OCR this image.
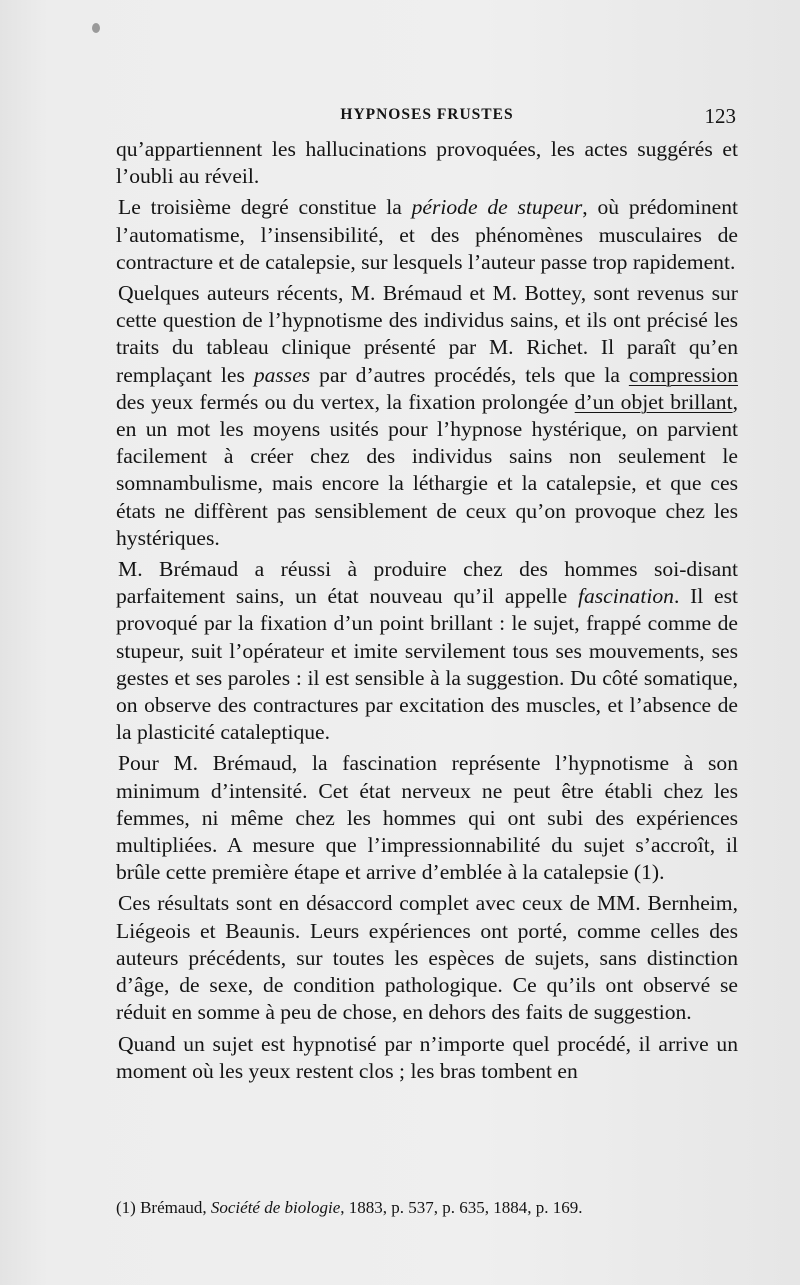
HYPNOSES FRUSTES	123

qu’appartiennent les hallucinations provoquées, les actes suggérés et l’oubli au réveil.

Le troisième degré constitue la période de stupeur, où prédominent l’automatisme, l’insensibilité, et des phénomènes musculaires de contracture et de catalepsie, sur lesquels l’auteur passe trop rapidement.

Quelques auteurs récents, M. Brémaud et M. Bottey, sont revenus sur cette question de l’hypnotisme des individus sains, et ils ont précisé les traits du tableau clinique présenté par M. Richet. Il paraît qu’en remplaçant les passes par d’autres procédés, tels que la compression des yeux fermés ou du vertex, la fixation prolongée d’un objet brillant, en un mot les moyens usités pour l’hypnose hystérique, on parvient facilement à créer chez des individus sains non seulement le somnambulisme, mais encore la léthargie et la catalepsie, et que ces états ne diffèrent pas sensiblement de ceux qu’on provoque chez les hystériques.

M. Brémaud a réussi à produire chez des hommes soi-disant parfaitement sains, un état nouveau qu’il appelle fascination. Il est provoqué par la fixation d’un point brillant : le sujet, frappé comme de stupeur, suit l’opérateur et imite servilement tous ses mouvements, ses gestes et ses paroles : il est sensible à la suggestion. Du côté somatique, on observe des contractures par excitation des muscles, et l’absence de la plasticité cataleptique.

Pour M. Brémaud, la fascination représente l’hypnotisme à son minimum d’intensité. Cet état nerveux ne peut être établi chez les femmes, ni même chez les hommes qui ont subi des expériences multipliées. A mesure que l’impressionnabilité du sujet s’accroît, il brûle cette première étape et arrive d’emblée à la catalepsie (1).

Ces résultats sont en désaccord complet avec ceux de MM. Bernheim, Liégeois et Beaunis. Leurs expériences ont porté, comme celles des auteurs précédents, sur toutes les espèces de sujets, sans distinction d’âge, de sexe, de condition pathologique. Ce qu’ils ont observé se réduit en somme à peu de chose, en dehors des faits de suggestion.

Quand un sujet est hypnotisé par n’importe quel procédé, il arrive un moment où les yeux restent clos ; les bras tombent en

(1) Brémaud, Société de biologie, 1883, p. 537, p. 635, 1884, p. 169.
